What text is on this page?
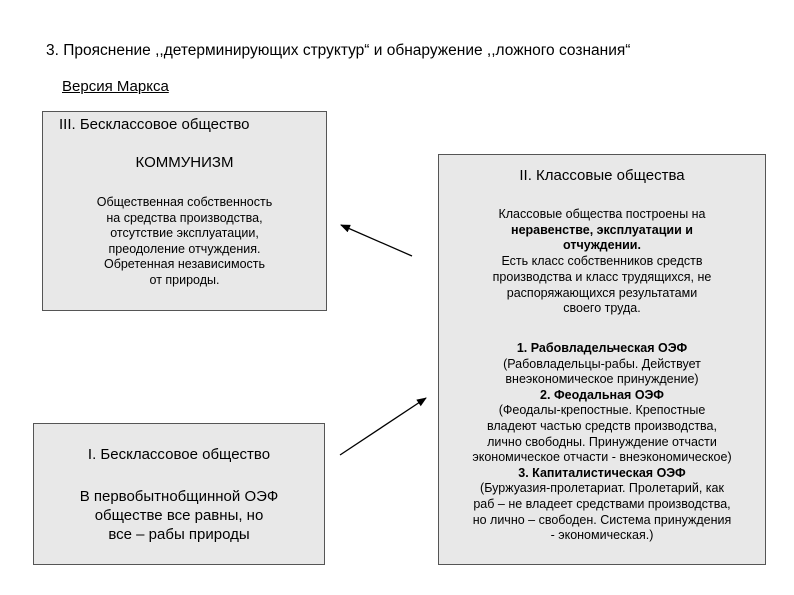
3. Прояснение ,,детерминирующих структур“ и обнаружение ,,ложного сознания“
Версия Маркса
III. Бесклассовое общество
КОММУНИЗМ
Общественная собственность
на средства производства,
отсутствие эксплуатации,
преодоление отчуждения.
Обретенная независимость
от природы.
I. Бесклассовое общество
В первобытнобщинной ОЭФ
обществе все равны, но
все – рабы природы
II. Классовые общества
Классовые общества построены на
неравенстве, эксплуатации и
отчуждении.
Есть класс собственников средств
производства и класс трудящихся, не
распоряжающихся результатами
своего труда.
1. Рабовладельческая ОЭФ
(Рабовладельцы-рабы. Действует
внеэкономическое принуждение)
2. Феодальная ОЭФ
(Феодалы-крепостные. Крепостные
владеют частью средств производства,
лично свободны. Принуждение отчасти
экономическое отчасти - внеэкономическое)
3. Капиталистическая ОЭФ
(Буржуазия-пролетариат. Пролетарий, как
раб – не владеет средствами производства,
но лично – свободен. Система принуждения
- экономическая.)
